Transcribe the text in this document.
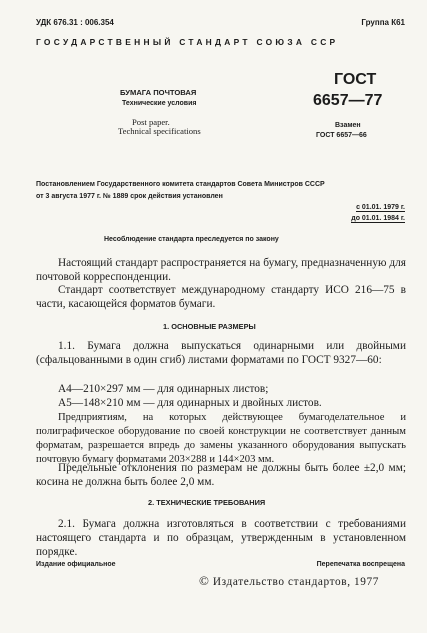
УДК 676.31 : 006.354	Группа К61
ГОСУДАРСТВЕННЫЙ СТАНДАРТ СОЮЗА ССР
БУМАГА ПОЧТОВАЯ
Технические условия
Post paper.
Technical specifications
ГОСТ
6657—77
Взамен
ГОСТ 6657—66
Постановлением Государственного комитета стандартов Совета Министров СССР
от 3 августа 1977 г. № 1889 срок действия установлен
с 01.01. 1979 г.
до 01.01. 1984 г.
Несоблюдение стандарта преследуется по закону
Настоящий стандарт распространяется на бумагу, предназначенную для почтовой корреспонденции.
Стандарт соответствует международному стандарту ИСО 216—75 в части, касающейся форматов бумаги.
1. ОСНОВНЫЕ РАЗМЕРЫ
1.1. Бумага должна выпускаться одинарными или двойными (сфальцованными в один сгиб) листами форматами по ГОСТ 9327—60:
А4—210×297 мм — для одинарных листов;
А5—148×210 мм — для одинарных и двойных листов.
Предприятиям, на которых действующее бумагоделательное и полиграфическое оборудование по своей конструкции не соответствует данным форматам, разрешается впредь до замены указанного оборудования выпускать почтовую бумагу форматами 203×288 и 144×203 мм.
Предельные отклонения по размерам не должны быть более ±2,0 мм; косина не должна быть более 2,0 мм.
2. ТЕХНИЧЕСКИЕ ТРЕБОВАНИЯ
2.1. Бумага должна изготовляться в соответствии с требованиями настоящего стандарта и по образцам, утвержденным в установленном порядке.
Издание официальное	Перепечатка воспрещена
© Издательство стандартов, 1977
